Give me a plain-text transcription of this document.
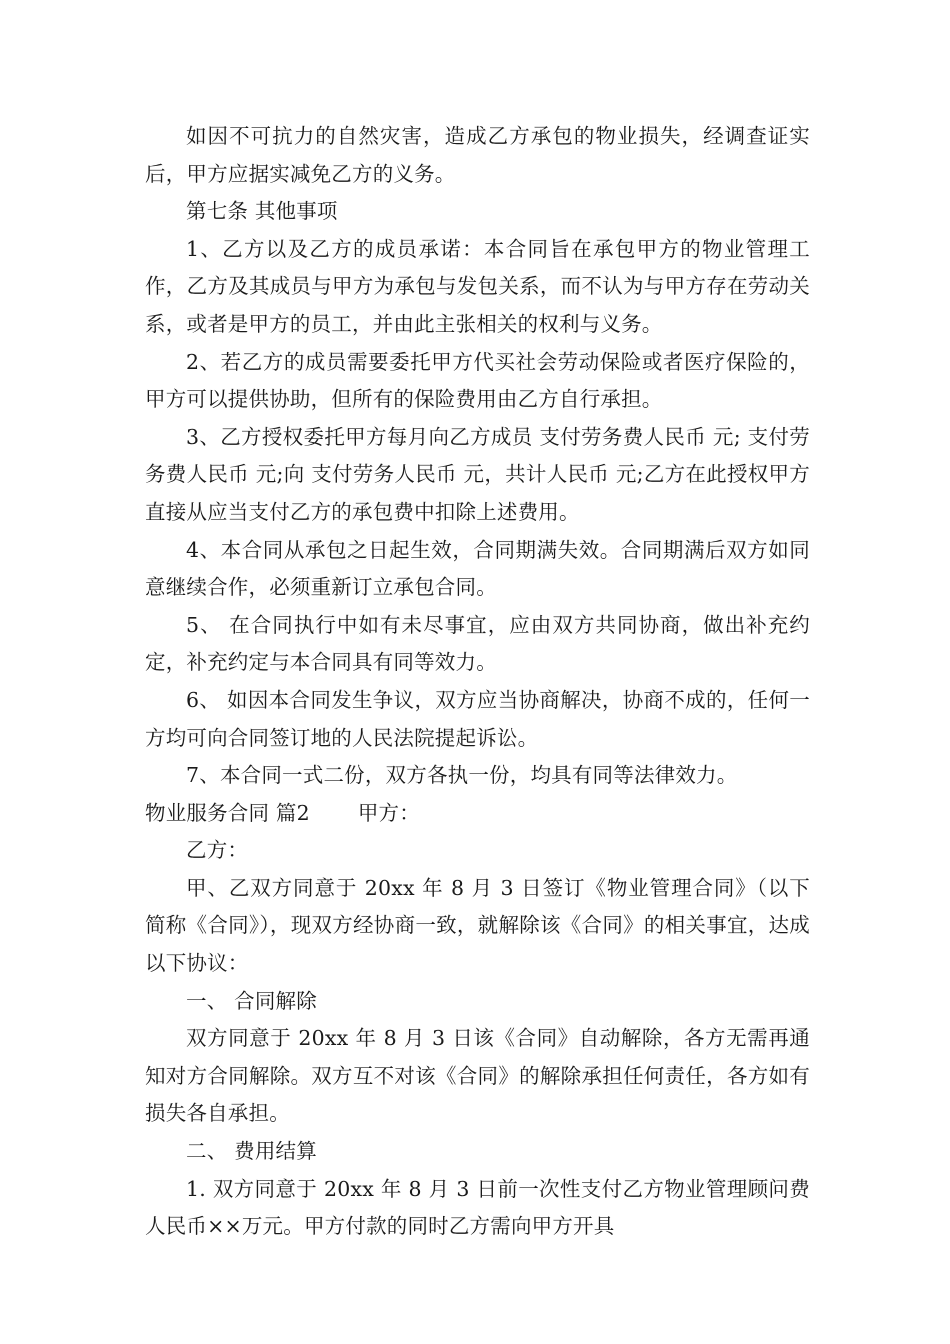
如因不可抗力的自然灾害，造成乙方承包的物业损失，经调查证实后，甲方应据实减免乙方的义务。

第七条 其他事项

1、乙方以及乙方的成员承诺：本合同旨在承包甲方的物业管理工作，乙方及其成员与甲方为承包与发包关系，而不认为与甲方存在劳动关系，或者是甲方的员工，并由此主张相关的权利与义务。

2、若乙方的成员需要委托甲方代买社会劳动保险或者医疗保险的，甲方可以提供协助，但所有的保险费用由乙方自行承担。

3、乙方授权委托甲方每月向乙方成员 支付劳务费人民币 元; 支付劳务费人民币 元;向 支付劳务人民币 元，共计人民币 元;乙方在此授权甲方直接从应当支付乙方的承包费中扣除上述费用。

4、本合同从承包之日起生效，合同期满失效。合同期满后双方如同意继续合作，必须重新订立承包合同。

5、 在合同执行中如有未尽事宜，应由双方共同协商，做出补充约定，补充约定与本合同具有同等效力。

6、 如因本合同发生争议，双方应当协商解决，协商不成的，任何一方均可向合同签订地的人民法院提起诉讼。

7、本合同一式二份，双方各执一份，均具有同等法律效力。

物业服务合同 篇2 甲方：

乙方：

甲、乙双方同意于 20xx 年 8 月 3 日签订《物业管理合同》（以下简称《合同》），现双方经协商一致，就解除该《合同》的相关事宜，达成以下协议：

一、 合同解除

双方同意于 20xx 年 8 月 3 日该《合同》自动解除，各方无需再通知对方合同解除。双方互不对该《合同》的解除承担任何责任，各方如有损失各自承担。

二、 费用结算

1. 双方同意于 20xx 年 8 月 3 日前一次性支付乙方物业管理顾问费人民币××万元。甲方付款的同时乙方需向甲方开具
